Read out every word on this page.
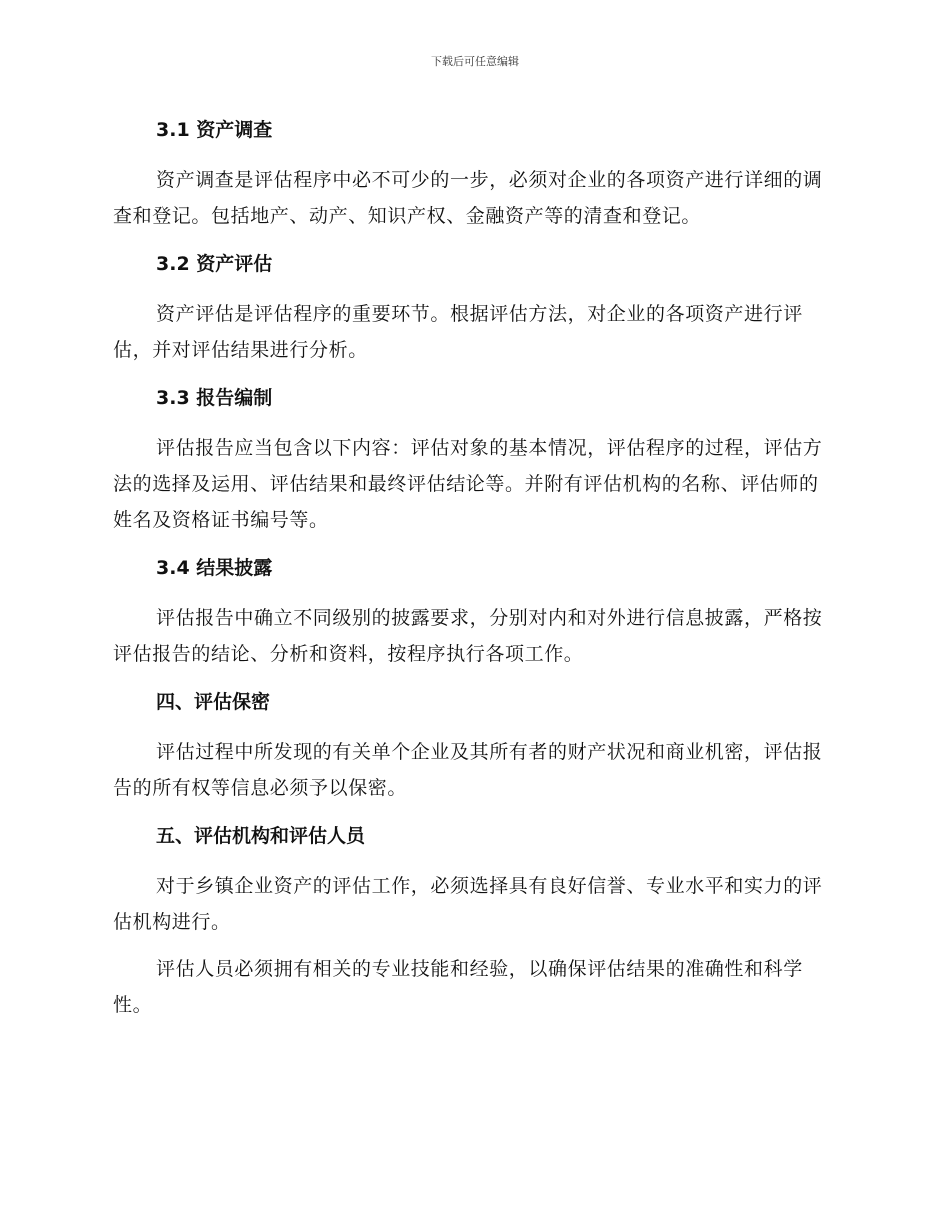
下载后可任意编辑
3.1 资产调查

资产调查是评估程序中必不可少的一步，必须对企业的各项资产进行详细的调查和登记。包括地产、动产、知识产权、金融资产等的清查和登记。

3.2 资产评估

资产评估是评估程序的重要环节。根据评估方法，对企业的各项资产进行评估，并对评估结果进行分析。

3.3 报告编制

评估报告应当包含以下内容：评估对象的基本情况，评估程序的过程，评估方法的选择及运用、评估结果和最终评估结论等。并附有评估机构的名称、评估师的姓名及资格证书编号等。

3.4 结果披露

评估报告中确立不同级别的披露要求，分别对内和对外进行信息披露，严格按评估报告的结论、分析和资料，按程序执行各项工作。

四、评估保密

评估过程中所发现的有关单个企业及其所有者的财产状况和商业机密，评估报告的所有权等信息必须予以保密。

五、评估机构和评估人员

对于乡镇企业资产的评估工作，必须选择具有良好信誉、专业水平和实力的评估机构进行。

评估人员必须拥有相关的专业技能和经验，以确保评估结果的准确性和科学性。
